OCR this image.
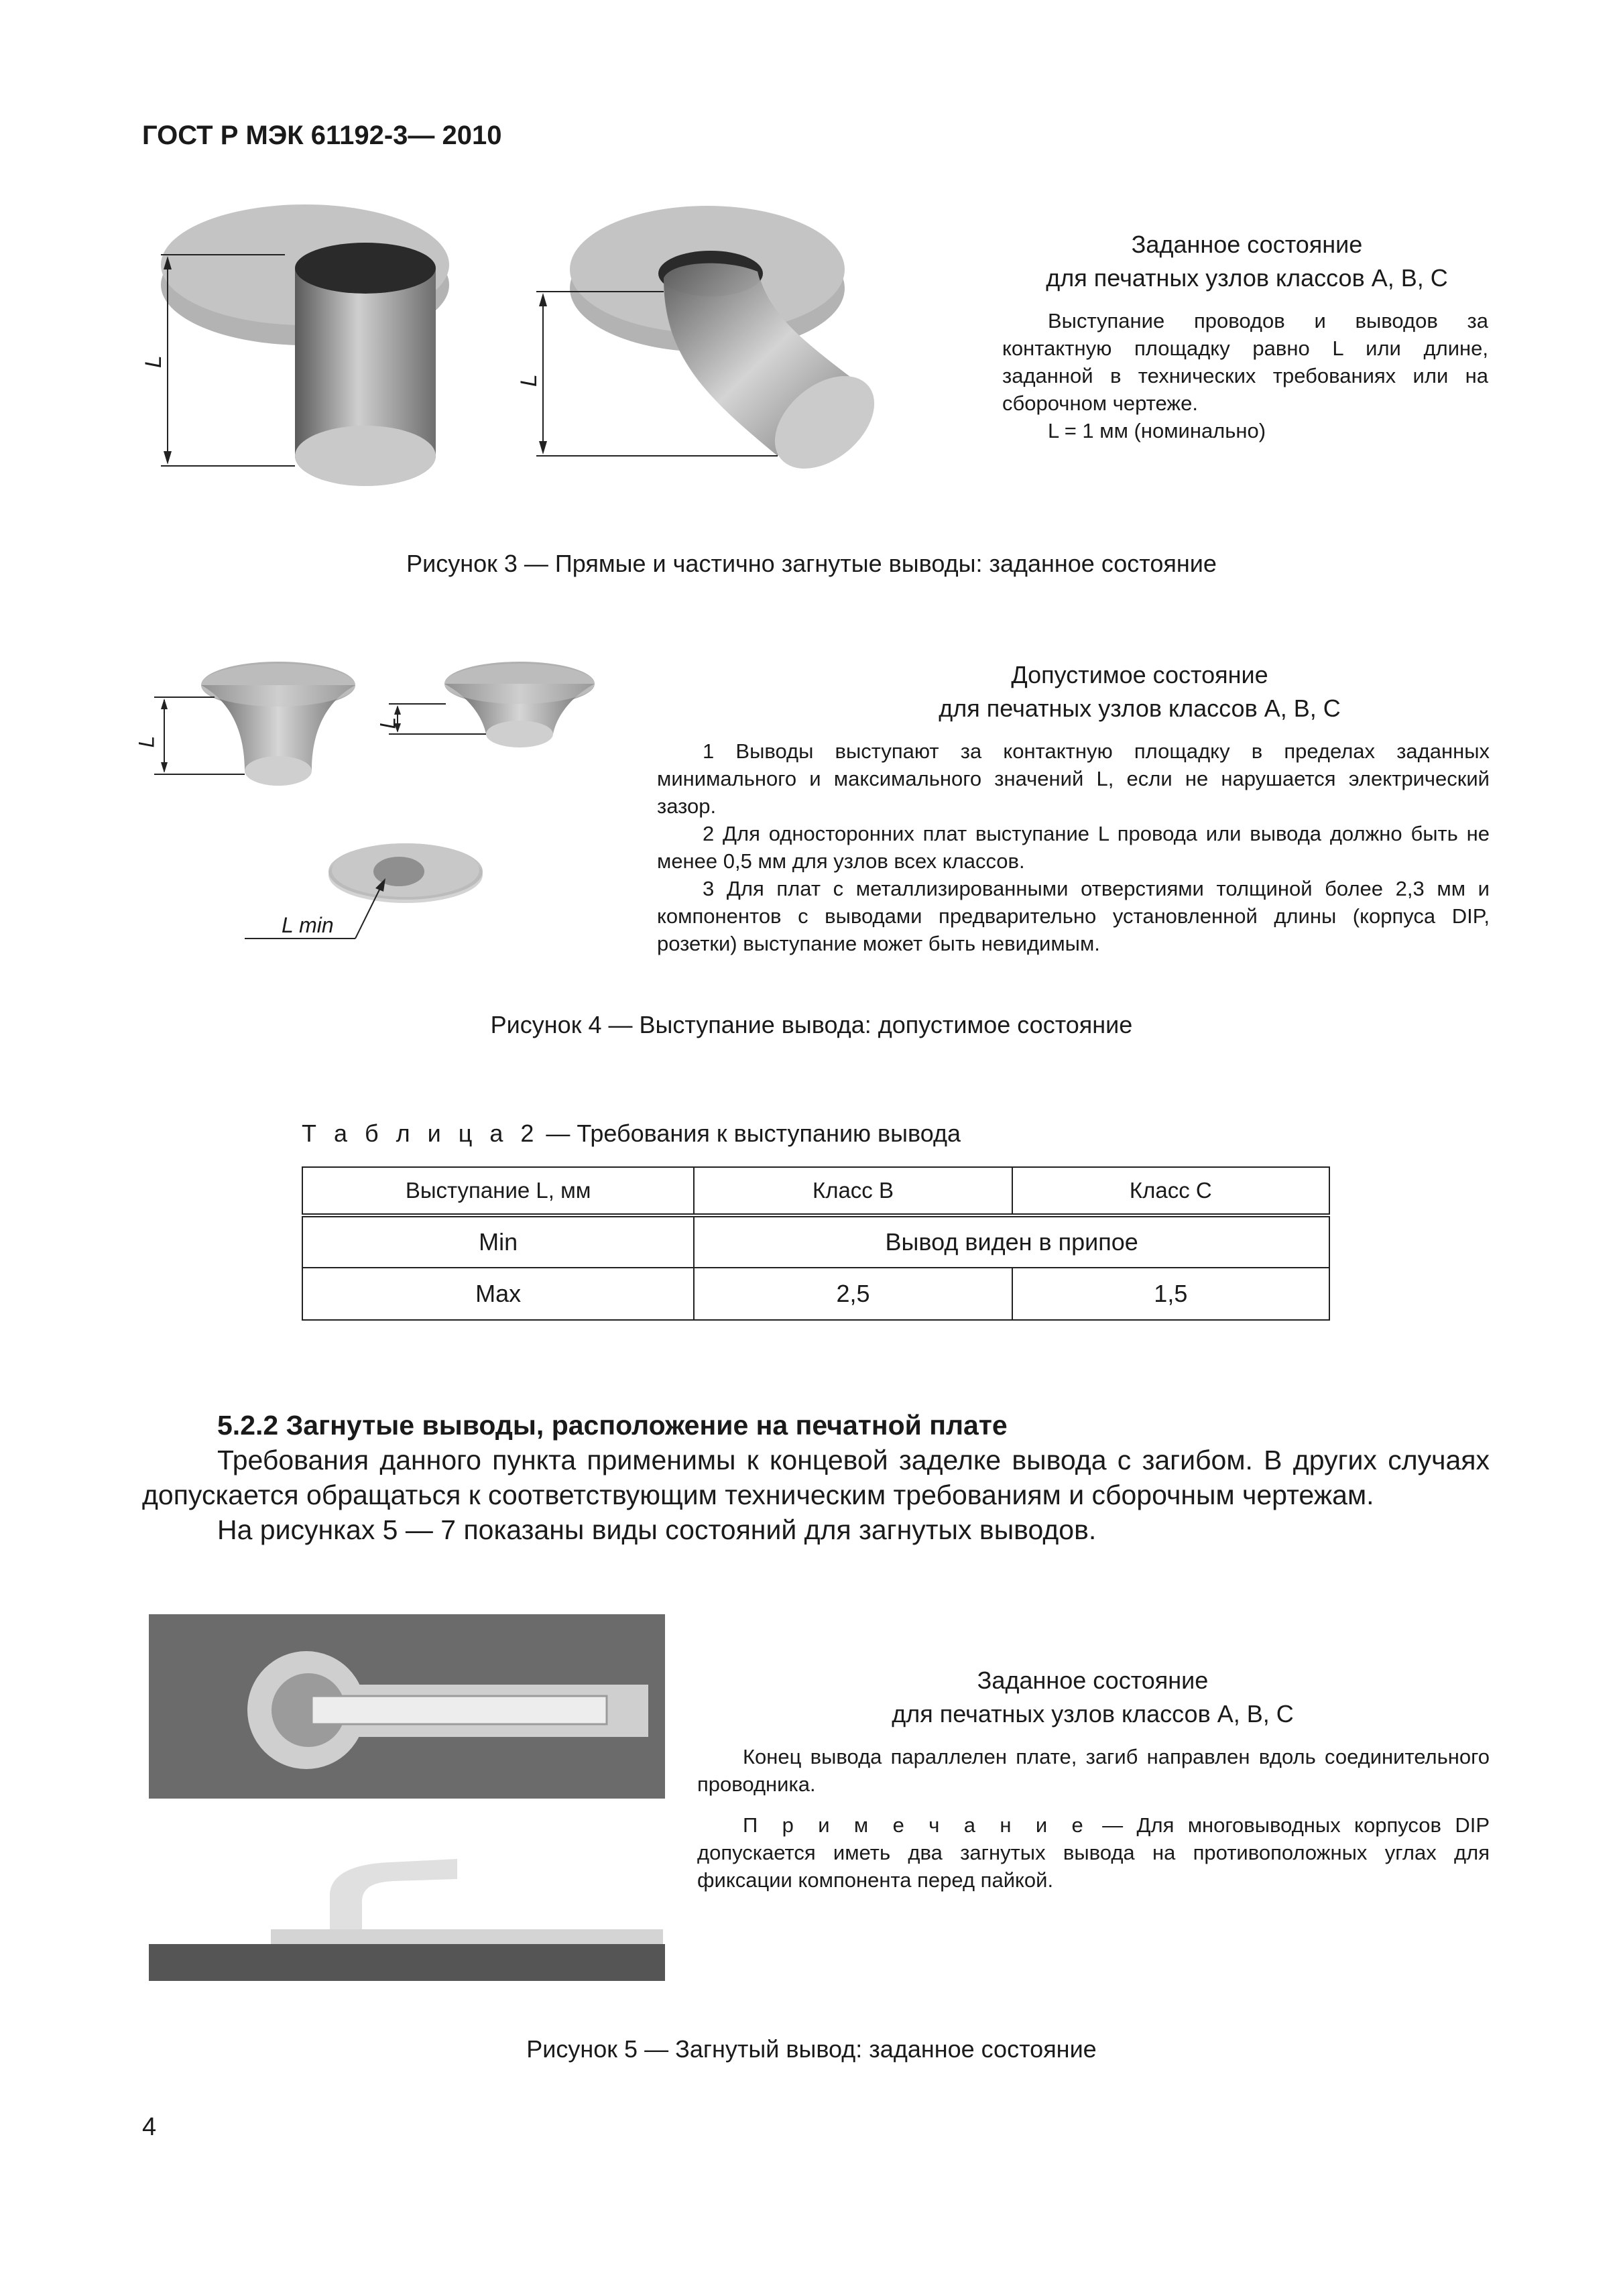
ГОСТ Р МЭК 61192-3— 2010
L
L
Заданное состояние
для печатных узлов классов А, В, С

Выступание проводов и выводов за контактную площадку равно L или длине, заданной в технических требованиях или на сборочном чертеже.

L = 1 мм (номинально)

Рисунок 3 — Прямые и частично загнутые выводы: заданное состояние
L
L
L min
Допустимое состояние
для печатных узлов классов А, В, С

1 Выводы выступают за контактную площадку в пределах заданных минимального и максимального значений L, если не нарушается электрический зазор.

2 Для односторонних плат выступание L провода или вывода должно быть не менее 0,5 мм для узлов всех классов.

3 Для плат с металлизированными отверстиями толщиной более 2,3 мм и компонентов с выводами предварительно установленной длины (корпуса DIP, розетки) выступание может быть невидимым.

Рисунок 4 — Выступание вывода: допустимое состояние
Т а б л и ц а 2 — Требования к выступанию вывода
Выступание L, мм	Класс B	Класс C
Min	Вывод виден в припое	
Max	2,5	1,5

5.2.2 Загнутые выводы, расположение на печатной плате

Требования данного пункта применимы к концевой заделке вывода с загибом. В других случаях допускается обращаться к соответствующим техническим требованиям и сборочным чертежам.

На рисунках 5 — 7 показаны виды состояний для загнутых выводов.

Заданное состояние
для печатных узлов классов А, В, С

Конец вывода параллелен плате, загиб направлен вдоль соединительного проводника.

П р и м е ч а н и е — Для многовыводных корпусов DIP допускается иметь два загнутых вывода на противоположных углах для фиксации компонента перед пайкой.

Рисунок 5 — Загнутый вывод: заданное состояние
4
